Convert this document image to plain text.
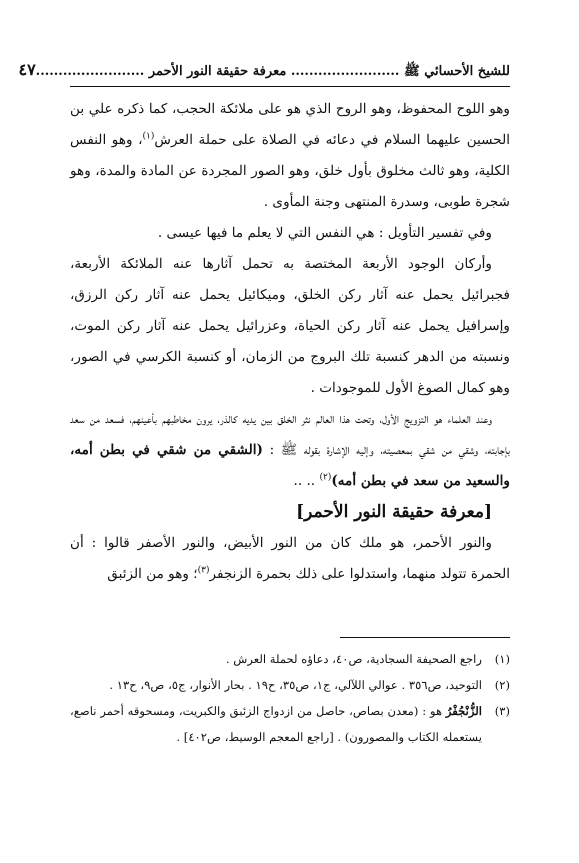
للشيخ الأحسائي ﷺ ........................ معرفة حقيقة النور الأحمر ........................
٤٧

وهو اللوح المحفوظ، وهو الروح الذي هو على ملائكة الحجب، كما ذكره علي بن الحسين عليهما السلام في دعائه في الصلاة على حملة العرش$^{(١)}$، وهو النفس الكلية، وهو ثالث مخلوق بأول خلق، وهو الصور المجردة عن المادة والمدة، وهو شجرة طوبى، وسدرة المنتهى وجنة المأوى .

وفي تفسير التأويل : هي النفس التي لا يعلم ما فيها عيسى .

وأركان الوجود الأربعة المختصة به تحمل آثارها عنه الملائكة الأربعة، فجبرائيل يحمل عنه آثار ركن الخلق، وميكائيل يحمل عنه آثار ركن الرزق، وإسرافيل يحمل عنه آثار ركن الحياة، وعزرائيل يحمل عنه آثار ركن الموت، ونسبته من الدهر كنسبة تلك البروج من الزمان، أو كنسبة الكرسي في الصور، وهو كمال الصوغ الأول للموجودات .

وعند العلماء هو التزويج الأول، وتحت هذا العالم نثر الخلق بين يديه كالذر، يرون مخاطبهم بأعينهم، فسعد من سعد بإجابته، وشقي من شقي بمعصيته، وإليه الإشارة بقوله ﷺ : (الشقي من شقي في بطن أمه، والسعيد من سعد في بطن أمه)$^{(٢)}$ .. ..

[معرفة حقيقة النور الأحمر]

والنور الأحمر، هو ملك كان من النور الأبيض، والنور الأصفر قالوا : أن الحمرة تتولد منهما، واستدلوا على ذلك بحمرة الزنجفر$^{(٣)}$؛ وهو من الزئبق

(١)
راجع الصحيفة السجادية، ص٤٠، دعاؤه لحملة العرش .
(٢)
التوحيد، ص٣٥٦ . عوالي اللآلي، ج١، ص٣٥، ح١٩ . بحار الأنوار، ج٥، ص٩، ح١٣ .
(٣)
الزُّنْجُفْرُ هو : (معدن بصاص، حاصل من ازدواج الزئبق والكبريت، ومسحوقه أحمر ناصع، يستعمله الكتاب والمصورون) . [راجع المعجم الوسيط، ص٤٠٢] .
